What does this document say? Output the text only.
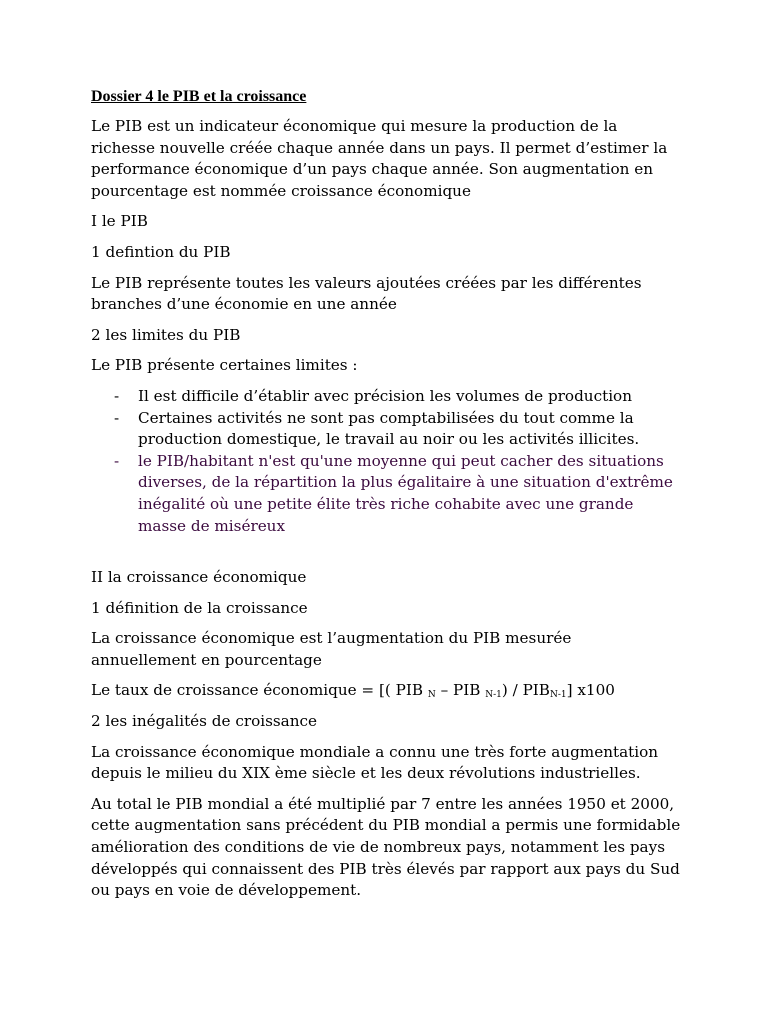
Dossier 4 le PIB et la croissance

Le PIB est un indicateur économique qui mesure la production de la richesse nouvelle créée chaque année dans un pays. Il permet d’estimer la performance économique d’un pays chaque année. Son augmentation en pourcentage est nommée croissance économique

I le PIB

1 defintion du PIB

Le PIB représente toutes les valeurs ajoutées créées par les différentes branches d’une économie en une année

2 les limites du PIB

Le PIB présente certaines limites :

- Il est difficile d’établir avec précision les volumes de production
- Certaines activités ne sont pas comptabilisées du tout comme la production domestique, le travail au noir ou les activités illicites.
- le PIB/habitant n'est qu'une moyenne qui peut cacher des situations diverses, de la répartition la plus égalitaire à une situation d'extrême inégalité où une petite élite très riche cohabite avec une grande masse de miséreux

II la croissance économique

1 définition de la croissance

La croissance économique est l’augmentation du PIB mesurée annuellement en pourcentage

Le taux de croissance économique = [( PIB $_N$ – PIB $_{N-1}) / PIB_{N-1}$] x100

2 les inégalités de croissance

La croissance économique mondiale a connu une très forte augmentation depuis le milieu du XIX ème siècle et les deux révolutions industrielles.

Au total le PIB mondial a été multiplié par 7 entre les années 1950 et 2000, cette augmentation sans précédent du PIB mondial a permis une formidable amélioration des conditions de vie de nombreux pays, notamment les pays développés qui connaissent des PIB très élevés par rapport aux pays du Sud ou pays en voie de développement.
